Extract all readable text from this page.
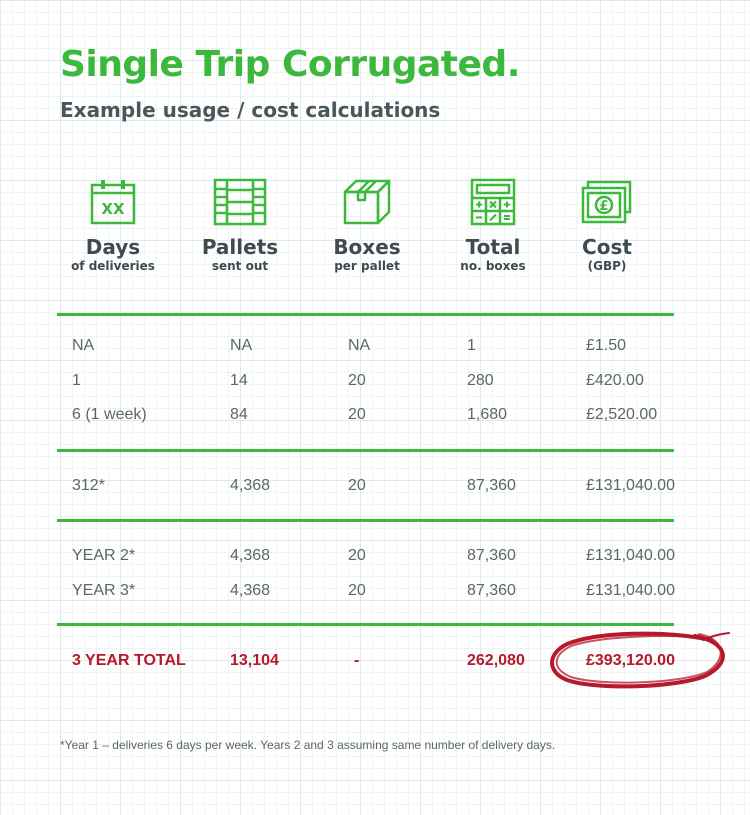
Single Trip Corrugated.
Example usage / cost calculations
XX
Days
of deliveries
Pallets
sent out
Boxes
per pallet
Total
no. boxes
£
Cost
(GBP)
NA	NA	NA	1	£1.50
1	14	20	280	£420.00
6 (1 week)	84	20	1,680	£2,520.00
312*	4,368	20	87,360	£131,040.00
YEAR 2*	4,368	20	87,360	£131,040.00
YEAR 3*	4,368	20	87,360	£131,040.00
3 YEAR TOTAL	13,104	-	262,080	£393,120.00
*Year 1 – deliveries 6 days per week. Years 2 and 3 assuming same number of delivery days.
